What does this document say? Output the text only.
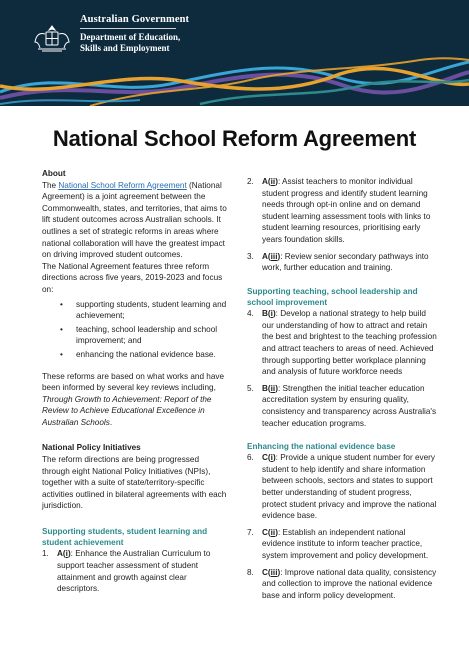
Australian Government
Department of Education,
Skills and Employment
National School Reform Agreement

About

The National School Reform Agreement (National Agreement) is a joint agreement between the Commonwealth, states, and territories, that aims to lift student outcomes across Australian schools. It outlines a set of strategic reforms in areas where national collaboration will have the greatest impact on driving improved student outcomes.

The National Agreement features three reform directions across five years, 2019-2023 and focus on:

• supporting students, student learning and achievement;
• teaching, school leadership and school improvement; and
• enhancing the national evidence base.

These reforms are based on what works and have been informed by several key reviews including, Through Growth to Achievement: Report of the Review to Achieve Educational Excellence in Australian Schools.

National Policy Initiatives

The reform directions are being progressed through eight National Policy Initiatives (NPIs), together with a suite of state/territory-specific activities outlined in bilateral agreements with each jurisdiction.

Supporting students, student learning and student achievement

1. A(i): Enhance the Australian Curriculum to support teacher assessment of student attainment and growth against clear descriptors.
2. A(ii): Assist teachers to monitor individual student progress and identify student learning needs through opt-in online and on demand student learning assessment tools with links to student learning resources, prioritising early years foundation skills.
3. A(iii): Review senior secondary pathways into work, further education and training.

Supporting teaching, school leadership and school improvement

4. B(i): Develop a national strategy to help build our understanding of how to attract and retain the best and brightest to the teaching profession and attract teachers to areas of need. Achieved through supporting better workplace planning and analysis of future workforce needs
5. B(ii): Strengthen the initial teacher education accreditation system by ensuring quality, consistency and transparency across Australia's teacher education programs.

Enhancing the national evidence base

6. C(i): Provide a unique student number for every student to help identify and share information between schools, sectors and states to support better understanding of student progress, protect student privacy and improve the national evidence base.
7. C(ii): Establish an independent national evidence institute to inform teacher practice, system improvement and policy development.
8. C(iii): Improve national data quality, consistency and collection to improve the national evidence base and inform policy development.
